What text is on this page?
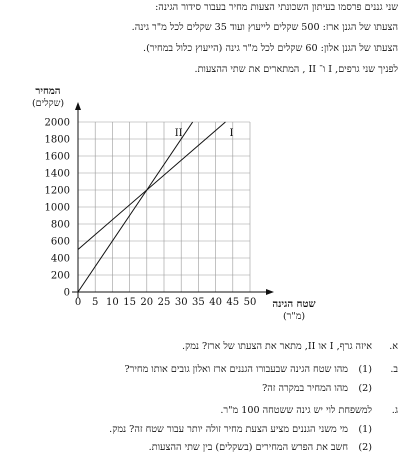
שני גננים פרסמו בעיתון השכונתי הצעות מחיר בעבור סידור הגינה:
הצעתו של הגנן ארז: 500 שקלים לייעוץ ועוד 35 שקלים לכל מ"ר גינה.
הצעתו של הגנן אלון: 60 שקלים לכל מ"ר גינה (הייעוץ כלול במחיר).
לפניך שני גרפים, I ו־ II , המתארים את שתי ההצעות.
0 5 10 15 20 25 30 35 40 45 50
0
200
400
600
800
1000
1200
1400
1600
1800
2000
I
II
המחיר
(שקלים)
שטח הגינה
(מ"ר)
א.
איזה גרף, I או II, מתאר את הצעתו של ארז? נמק.
ב.
(1)
מהו שטח הגינה שבעבורו הגננים ארז ואלון גובים אותו מחיר?
(2)
מהו המחיר במקרה זה?
ג.
למשפחת לוי יש גינה ששטחה 100 מ"ר.
(1)
מי משני הגננים מציע הצעת מחיר זולה יותר עבור שטח זה? נמק.
(2)
חשב את הפרש המחירים (בשקלים) בין שתי ההצעות.
